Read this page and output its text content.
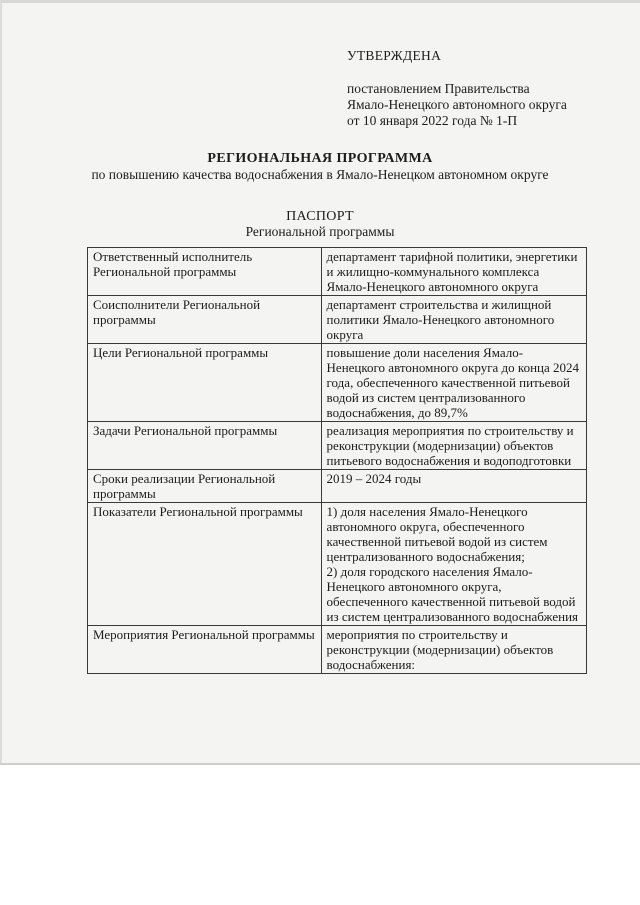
УТВЕРЖДЕНА
постановлением Правительства
Ямало-Ненецкого автономного округа
от 10 января 2022 года № 1-П
РЕГИОНАЛЬНАЯ ПРОГРАММА
по повышению качества водоснабжения в Ямало-Ненецком автономном округе
ПАСПОРТ
Региональной программы
Ответственный исполнитель Региональной программы	департамент тарифной политики, энергетики и жилищно-коммунального комплекса Ямало-Ненецкого автономного округа
Соисполнители Региональной программы	департамент строительства и жилищной политики Ямало-Ненецкого автономного округа
Цели Региональной программы	повышение доли населения Ямало-Ненецкого автономного округа до конца 2024 года, обеспеченного качественной питьевой водой из систем централизованного водоснабжения, до 89,7%
Задачи Региональной программы	реализация мероприятия по строительству и реконструкции (модернизации) объектов питьевого водоснабжения и водоподготовки
Сроки реализации Региональной программы	2019 – 2024 годы
Показатели Региональной программы	1) доля населения Ямало-Ненецкого автономного округа, обеспеченного качественной питьевой водой из систем централизованного водоснабжения;
2) доля городского населения Ямало-Ненецкого автономного округа, обеспеченного качественной питьевой водой из систем централизованного водоснабжения

Мероприятия Региональной программы	мероприятия по строительству и реконструкции (модернизации) объектов водоснабжения:
